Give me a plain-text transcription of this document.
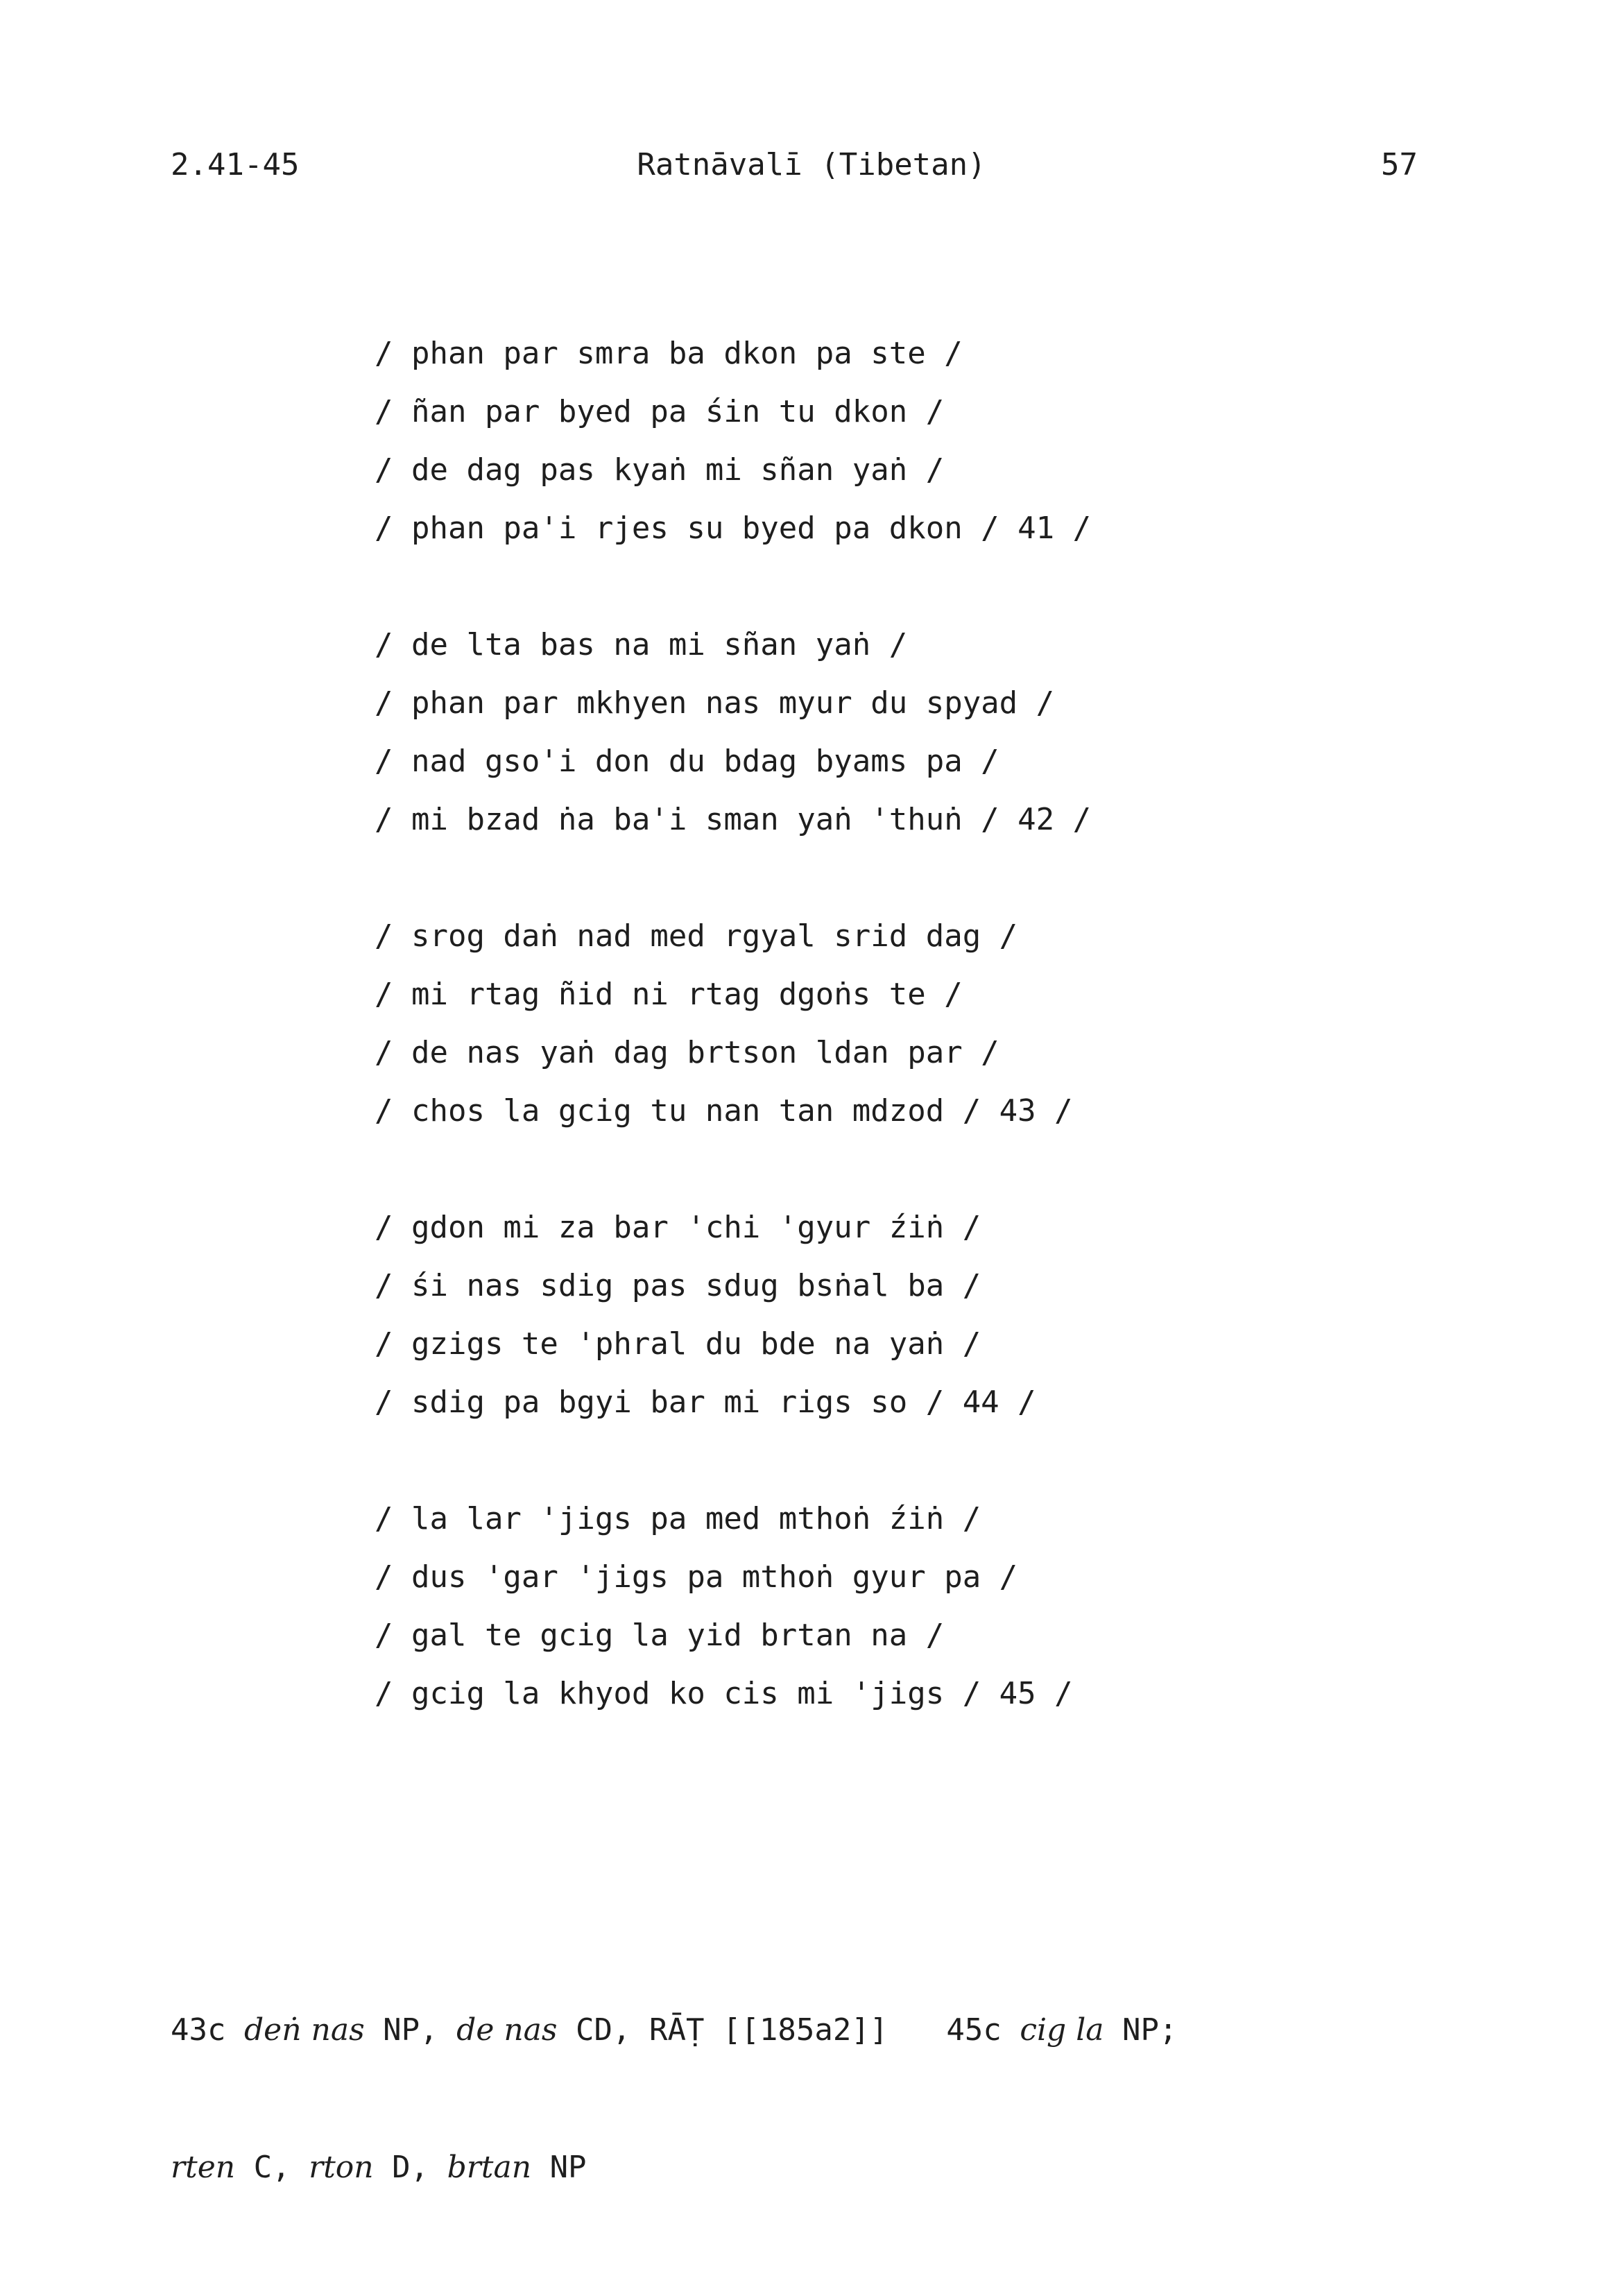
2.41-45	Ratnāvalī (Tibetan)	57
/ phan par smra ba dkon pa ste /
/ ñan par byed pa śin tu dkon /
/ de dag pas kyaṅ mi sñan yaṅ /
/ phan pa'i rjes su byed pa dkon / 41 /
/ de lta bas na mi sñan yaṅ /
/ phan par mkhyen nas myur du spyad /
/ nad gso'i don du bdag byams pa /
/ mi bzad ṅa ba'i sman yaṅ 'thuṅ / 42 /
/ srog daṅ nad med rgyal srid dag /
/ mi rtag ñid ni rtag dgoṅs te /
/ de nas yaṅ dag brtson ldan par /
/ chos la gcig tu nan tan mdzod / 43 /
/ gdon mi za bar 'chi 'gyur źiṅ /
/ śi nas sdig pas sdug bsṅal ba /
/ gzigs te 'phral du bde na yaṅ /
/ sdig pa bgyi bar mi rigs so / 44 /
/ la lar 'jigs pa med mthoṅ źiṅ /
/ dus 'gar 'jigs pa mthoṅ gyur pa /
/ gal te gcig la yid brtan na /
/ gcig la khyod ko cis mi 'jigs / 45 /

43c deṅ nas NP, de nas CD, RĀṬ [[185a2]] 45c cig la NP;

rten C, rton D, brtan NP
